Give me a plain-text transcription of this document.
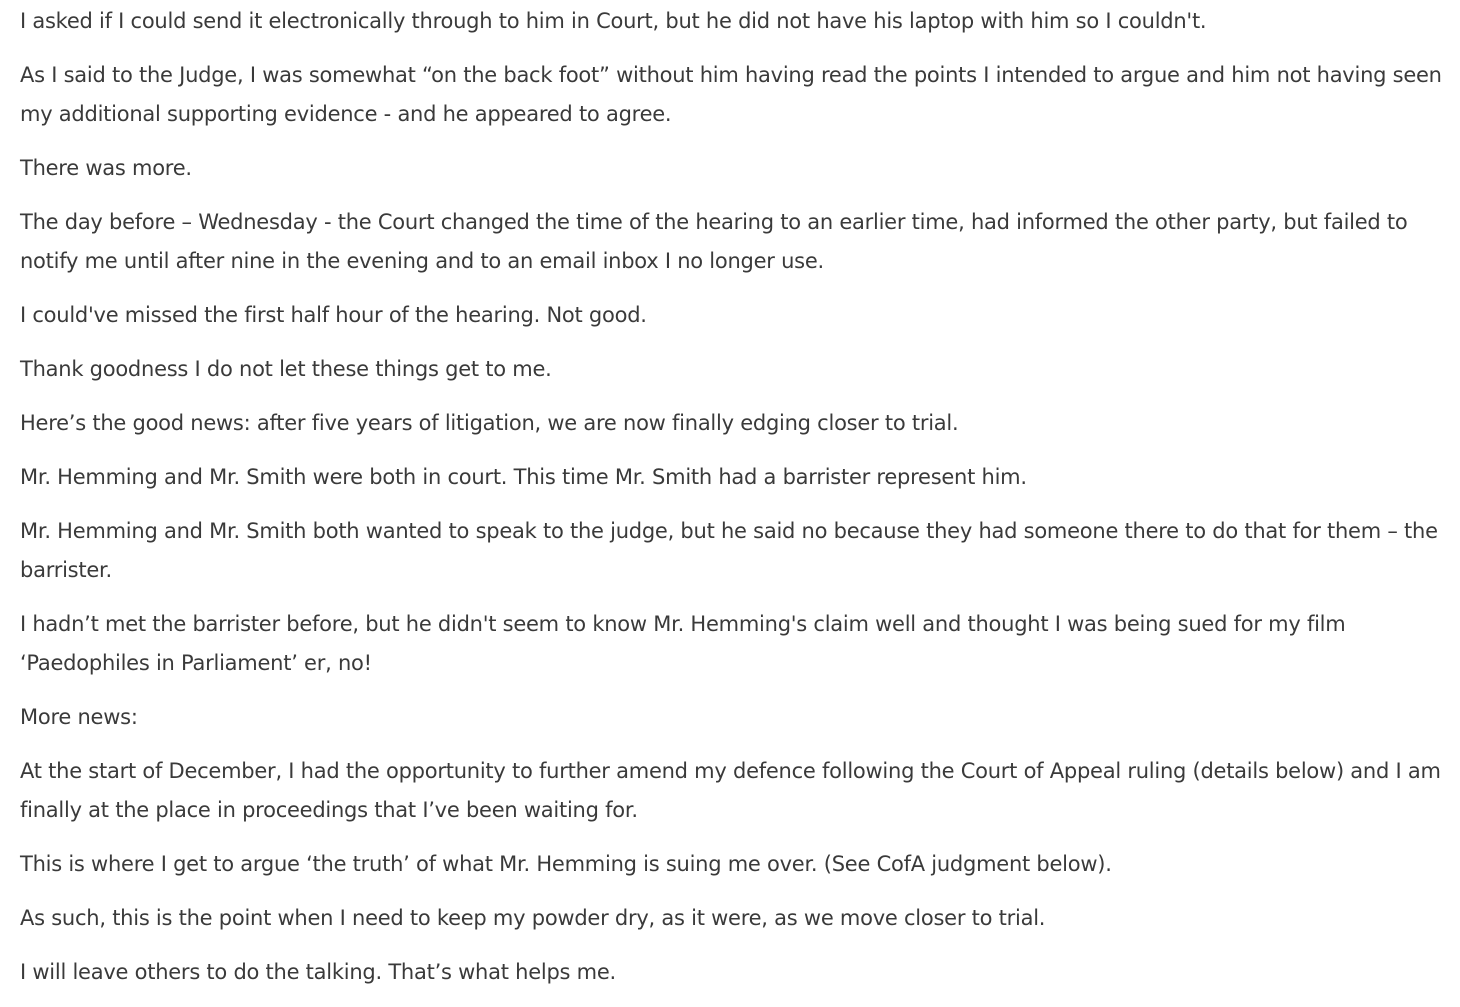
I asked if I could send it electronically through to him in Court, but he did not have his laptop with him so I couldn't.

As I said to the Judge, I was somewhat “on the back foot” without him having read the points I intended to argue and him not having seen my additional supporting evidence - and he appeared to agree.

There was more.

The day before – Wednesday - the Court changed the time of the hearing to an earlier time, had informed the other party, but failed to notify me until after nine in the evening and to an email inbox I no longer use.

I could've missed the first half hour of the hearing. Not good.

Thank goodness I do not let these things get to me.

Here’s the good news: after five years of litigation, we are now finally edging closer to trial.

Mr. Hemming and Mr. Smith were both in court. This time Mr. Smith had a barrister represent him.

Mr. Hemming and Mr. Smith both wanted to speak to the judge, but he said no because they had someone there to do that for them – the barrister.

I hadn’t met the barrister before, but he didn't seem to know Mr. Hemming's claim well and thought I was being sued for my film ‘Paedophiles in Parliament’ er, no!

More news:

At the start of December, I had the opportunity to further amend my defence following the Court of Appeal ruling (details below) and I am finally at the place in proceedings that I’ve been waiting for.

This is where I get to argue ‘the truth’ of what Mr. Hemming is suing me over. (See CofA judgment below).

As such, this is the point when I need to keep my powder dry, as it were, as we move closer to trial.

I will leave others to do the talking. That’s what helps me.
